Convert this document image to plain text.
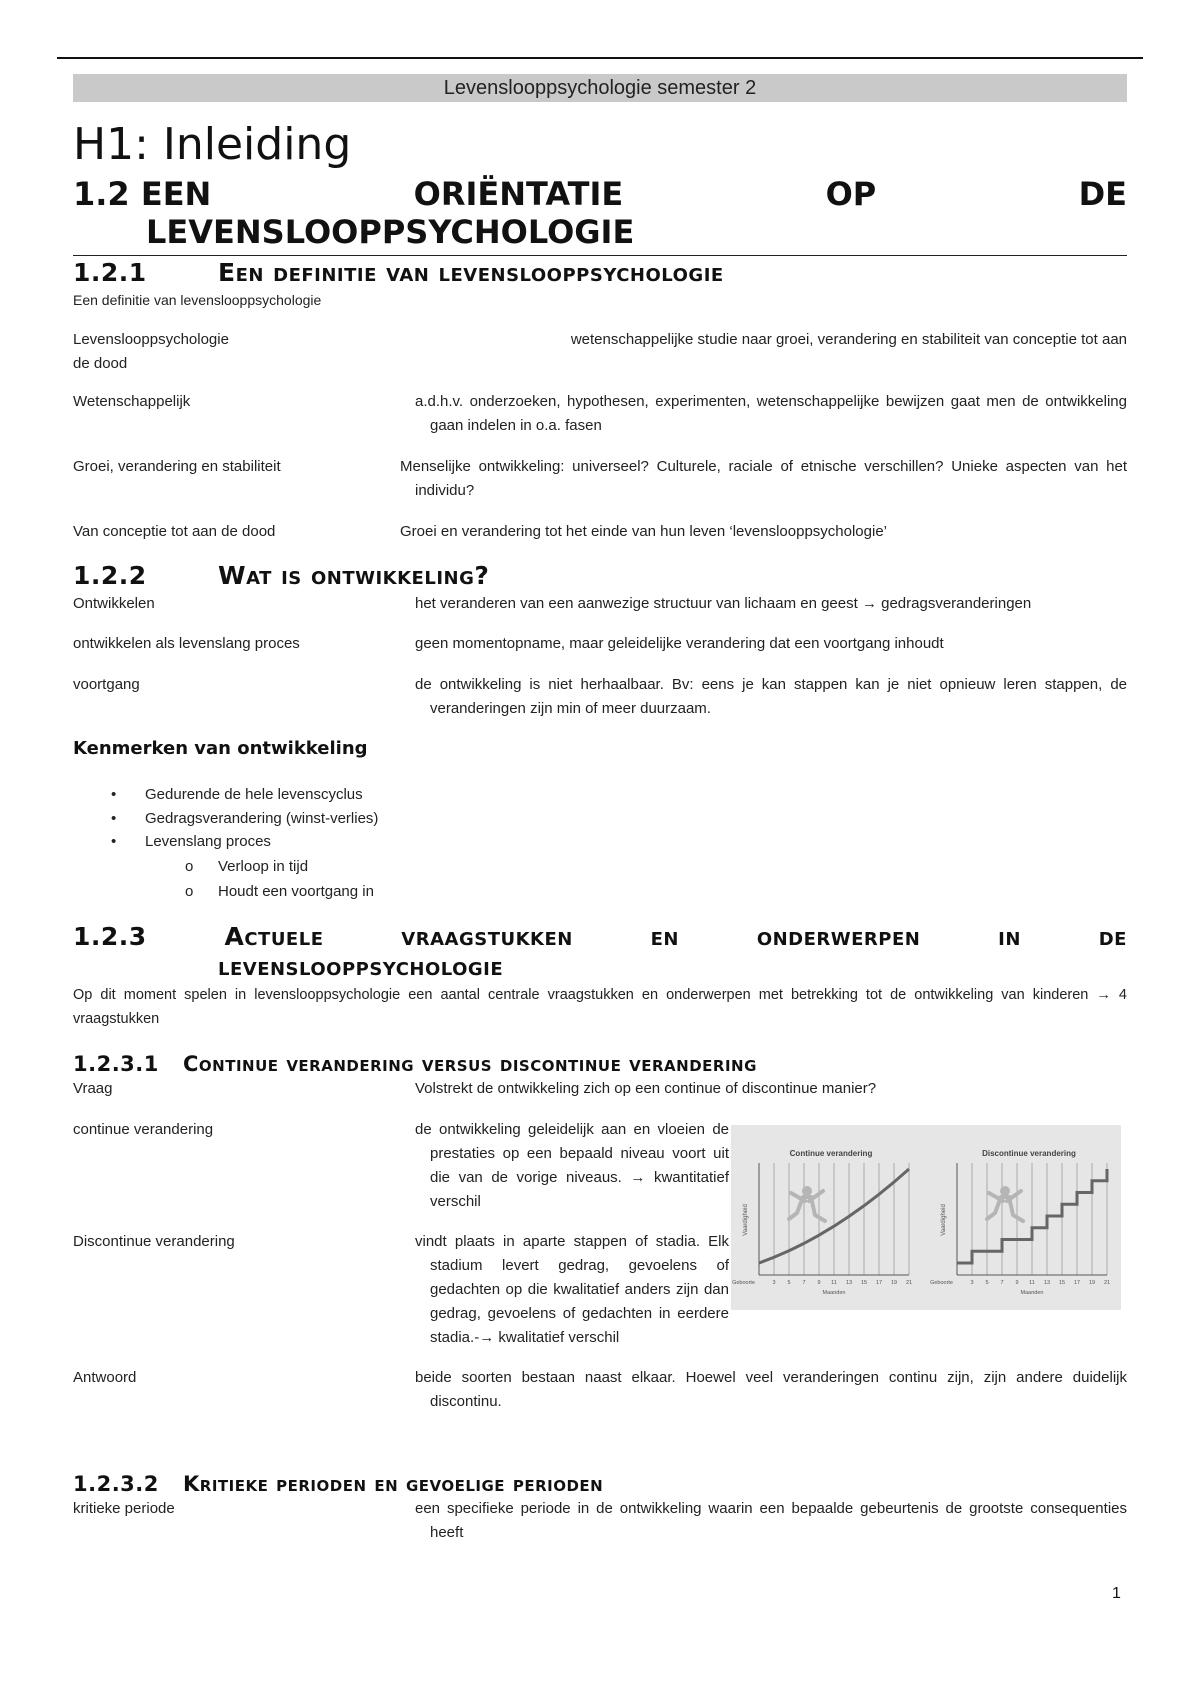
Levenslooppsychologie semester 2
H1: Inleiding
1.2 EEN	ORIËNTATIE	OP	DE
LEVENSLOOPPSYCHOLOGIE
1.2.1	Een definitie van levenslooppsychologie
Een definitie van levenslooppsychologie
Levenslooppsychologie	wetenschappelijke studie naar groei, verandering en stabiliteit van conceptie tot aan
de dood
Wetenschappelijk	a.d.h.v. onderzoeken, hypothesen, experimenten, wetenschappelijke bewijzen gaat men de ontwikkeling gaan indelen in o.a. fasen
Groei, verandering en stabiliteit	Menselijke ontwikkeling: universeel? Culturele, raciale of etnische verschillen? Unieke aspecten van het individu?
Van conceptie tot aan de dood	Groei en verandering tot het einde van hun leven ‘levenslooppsychologie’
1.2.2	Wat is ontwikkeling?
Ontwikkelen	het veranderen van een aanwezige structuur van lichaam en geest → gedragsveranderingen
ontwikkelen als levenslang proces	geen momentopname, maar geleidelijke verandering dat een voortgang inhoudt
voortgang	de ontwikkeling is niet herhaalbaar. Bv: eens je kan stappen kan je niet opnieuw leren stappen, de veranderingen zijn min of meer duurzaam.
Kenmerken van ontwikkeling
• Gedurende de hele levenscyclus
• Gedragsverandering (winst-verlies)
• Levenslang proces
o Verloop in tijd
o Houdt een voortgang in
1.2.3	Actuele	vraagstukken	en	onderwerpen	in	de
levenslooppsychologie
Op dit moment spelen in levenslooppsychologie een aantal centrale vraagstukken en onderwerpen met betrekking tot de ontwikkeling van kinderen → 4 vraagstukken
1.2.3.1 Continue verandering versus discontinue verandering
Vraag	Volstrekt de ontwikkeling zich op een continue of discontinue manier?
continue verandering	de ontwikkeling geleidelijk aan en vloeien de prestaties op een bepaald niveau voort uit die van de vorige niveaus. → kwantitatief verschil
Discontinue verandering	vindt plaats in aparte stappen of stadia. Elk stadium levert gedrag, gevoelens of gedachten op die kwalitatief anders zijn dan gedrag, gevoelens of gedachten in eerdere stadia.-→ kwalitatief verschil
Continue verandering
Geboorte	3 5 7 9 11 13 15 17 19 21
Maanden
Vaardigheid
Discontinue verandering
Geboorte	3 5 7 9 11 13 15 17 19 21
Maanden
Vaardigheid
Antwoord	beide soorten bestaan naast elkaar. Hoewel veel veranderingen continu zijn, zijn andere duidelijk discontinu.
1.2.3.2 Kritieke perioden en gevoelige perioden
kritieke periode	een specifieke periode in de ontwikkeling waarin een bepaalde gebeurtenis de grootste consequenties heeft
1
